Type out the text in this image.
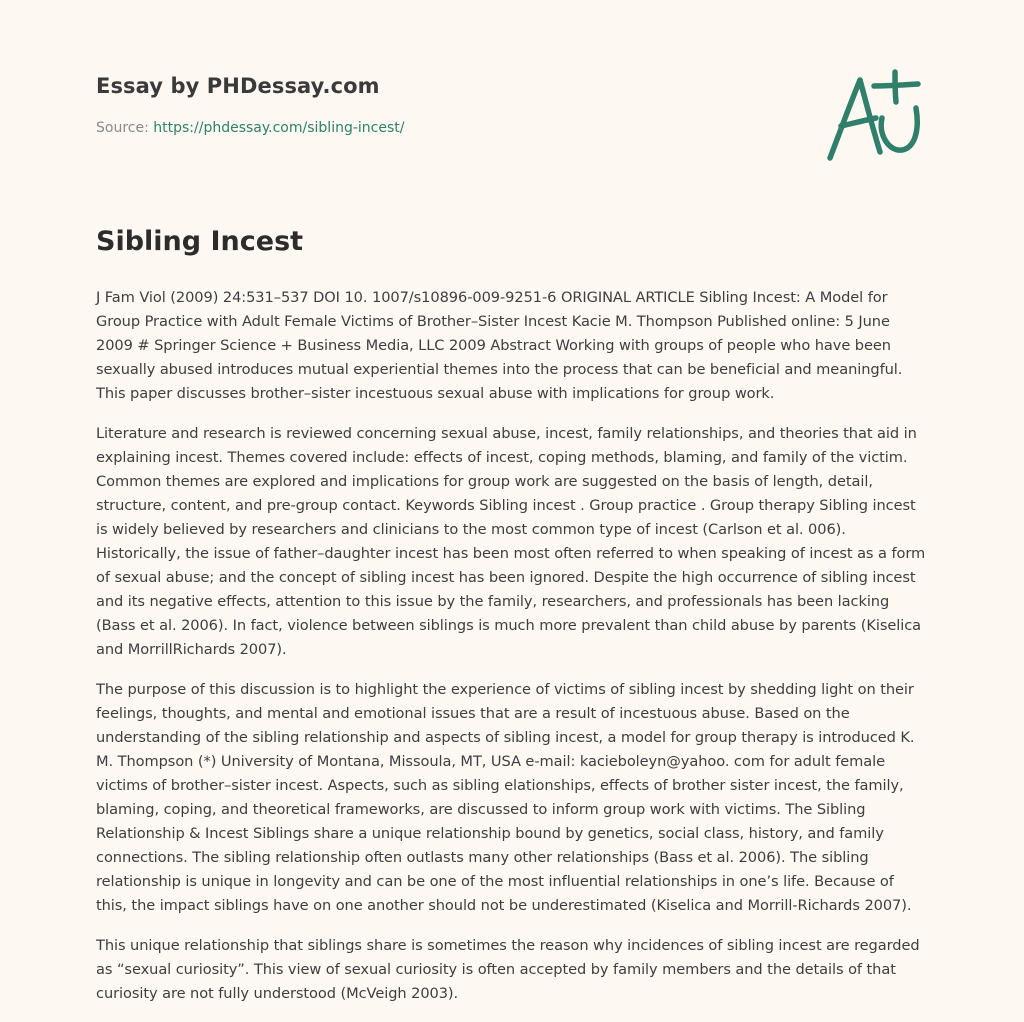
Essay by PHDessay.com
Source: https://phdessay.com/sibling-incest/
Sibling Incest

J Fam Viol (2009) 24:531–537 DOI 10. 1007/s10896-009-9251-6 ORIGINAL ARTICLE Sibling Incest: A Model for Group Practice with Adult Female Victims of Brother–Sister Incest Kacie M. Thompson Published online: 5 June 2009 # Springer Science + Business Media, LLC 2009 Abstract Working with groups of people who have been sexually abused introduces mutual experiential themes into the process that can be beneficial and meaningful. This paper discusses brother–sister incestuous sexual abuse with implications for group work.

Literature and research is reviewed concerning sexual abuse, incest, family relationships, and theories that aid in explaining incest. Themes covered include: effects of incest, coping methods, blaming, and family of the victim. Common themes are explored and implications for group work are suggested on the basis of length, detail, structure, content, and pre-group contact. Keywords Sibling incest . Group practice . Group therapy Sibling incest is widely believed by researchers and clinicians to the most common type of incest (Carlson et al. 006). Historically, the issue of father–daughter incest has been most often referred to when speaking of incest as a form of sexual abuse; and the concept of sibling incest has been ignored. Despite the high occurrence of sibling incest and its negative effects, attention to this issue by the family, researchers, and professionals has been lacking (Bass et al. 2006). In fact, violence between siblings is much more prevalent than child abuse by parents (Kiselica and MorrillRichards 2007).

The purpose of this discussion is to highlight the experience of victims of sibling incest by shedding light on their feelings, thoughts, and mental and emotional issues that are a result of incestuous abuse. Based on the understanding of the sibling relationship and aspects of sibling incest, a model for group therapy is introduced K. M. Thompson (*) University of Montana, Missoula, MT, USA e-mail: kacieboleyn@yahoo. com for adult female victims of brother–sister incest. Aspects, such as sibling elationships, effects of brother sister incest, the family, blaming, coping, and theoretical frameworks, are discussed to inform group work with victims. The Sibling Relationship & Incest Siblings share a unique relationship bound by genetics, social class, history, and family connections. The sibling relationship often outlasts many other relationships (Bass et al. 2006). The sibling relationship is unique in longevity and can be one of the most influential relationships in one’s life. Because of this, the impact siblings have on one another should not be underestimated (Kiselica and Morrill-Richards 2007).

This unique relationship that siblings share is sometimes the reason why incidences of sibling incest are regarded as “sexual curiosity”. This view of sexual curiosity is often accepted by family members and the details of that curiosity are not fully understood (McVeigh 2003).
